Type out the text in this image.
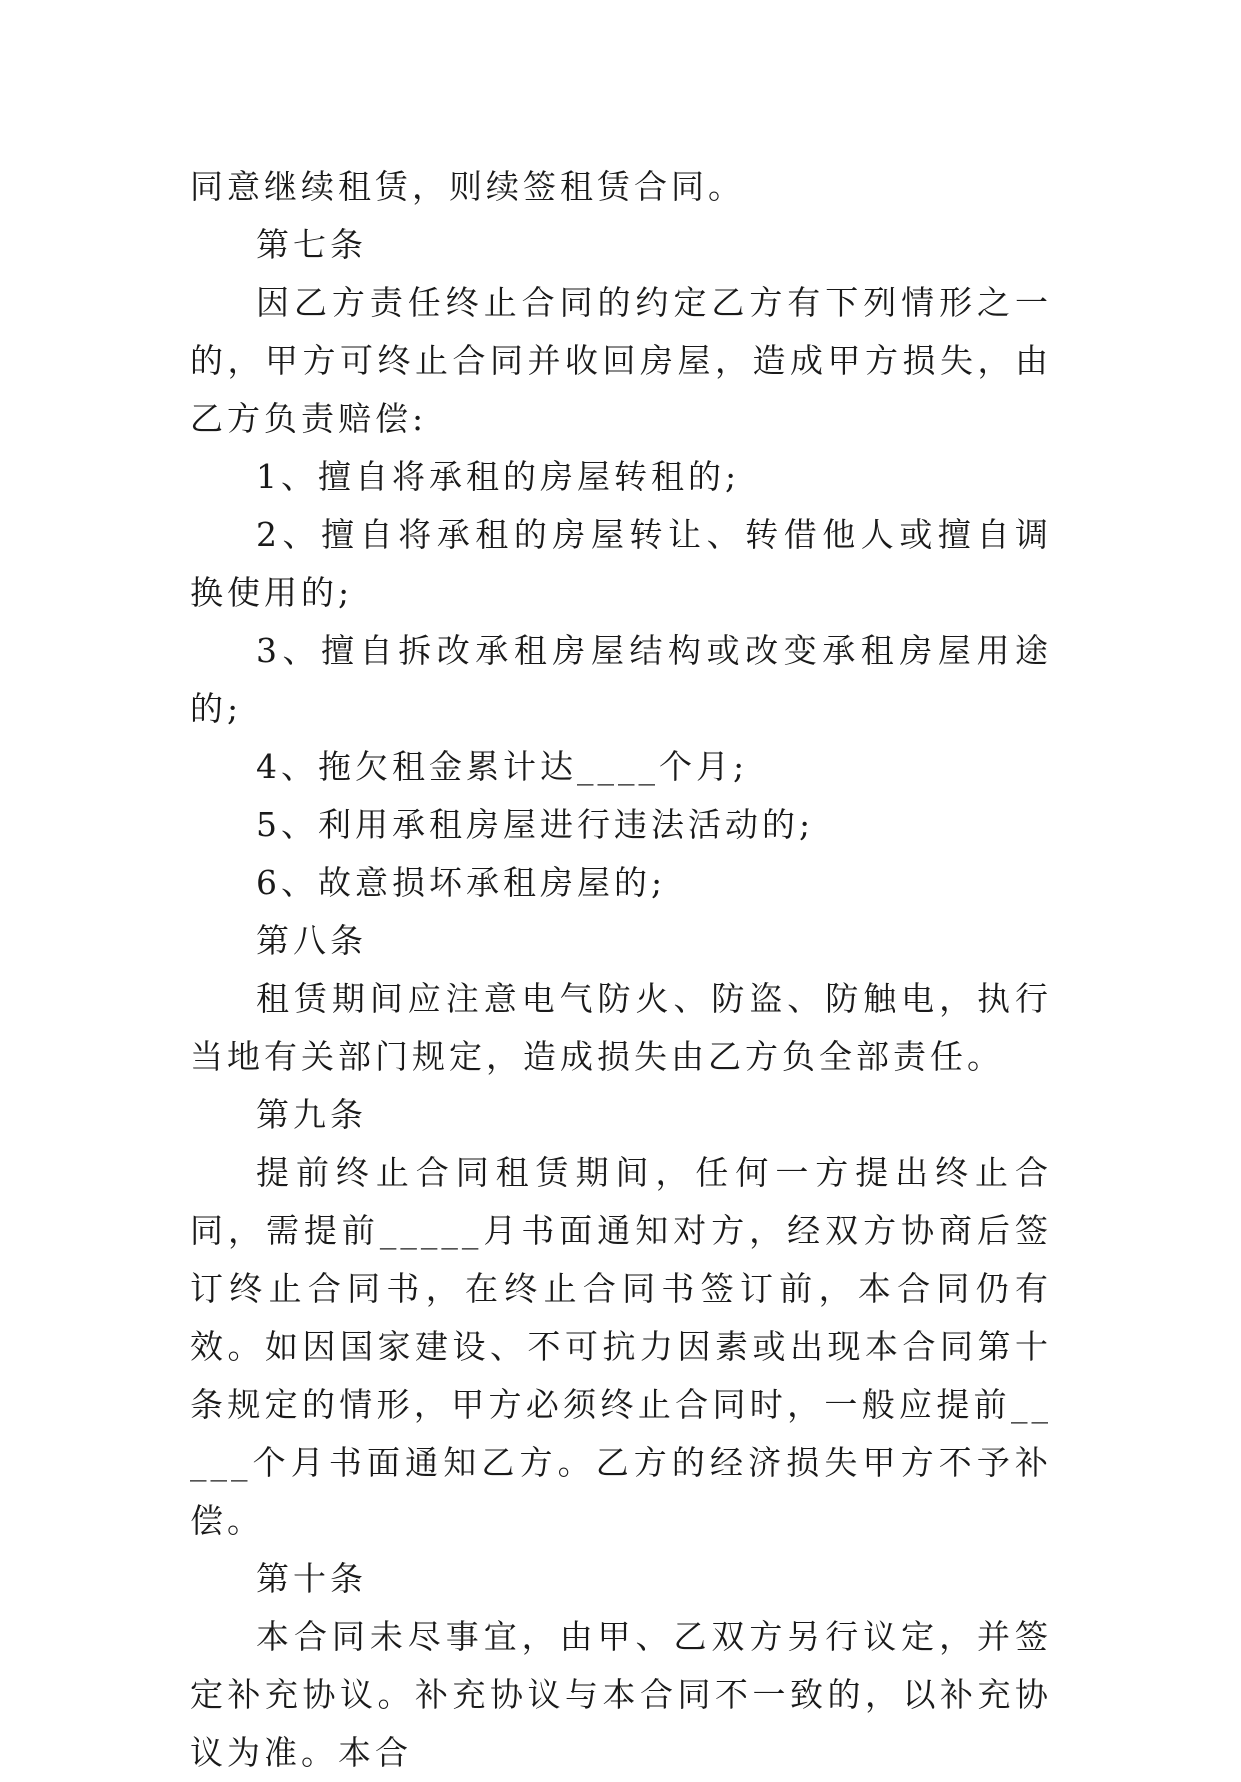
同意继续租赁，则续签租赁合同。

第七条

因乙方责任终止合同的约定乙方有下列情形之一的，甲方可终止合同并收回房屋，造成甲方损失，由乙方负责赔偿:

1、擅自将承租的房屋转租的;

2、擅自将承租的房屋转让、转借他人或擅自调换使用的;

3、擅自拆改承租房屋结构或改变承租房屋用途的;

4、拖欠租金累计达____个月;

5、利用承租房屋进行违法活动的;

6、故意损坏承租房屋的;

第八条

租赁期间应注意电气防火、防盗、防触电，执行当地有关部门规定，造成损失由乙方负全部责任。

第九条

提前终止合同租赁期间，任何一方提出终止合同，需提前_____月书面通知对方，经双方协商后签订终止合同书，在终止合同书签订前，本合同仍有效。如因国家建设、不可抗力因素或出现本合同第十条规定的情形，甲方必须终止合同时，一般应提前_____个月书面通知乙方。乙方的经济损失甲方不予补偿。

第十条

本合同未尽事宜，由甲、乙双方另行议定，并签定补充协议。补充协议与本合同不一致的，以补充协议为准。本合
